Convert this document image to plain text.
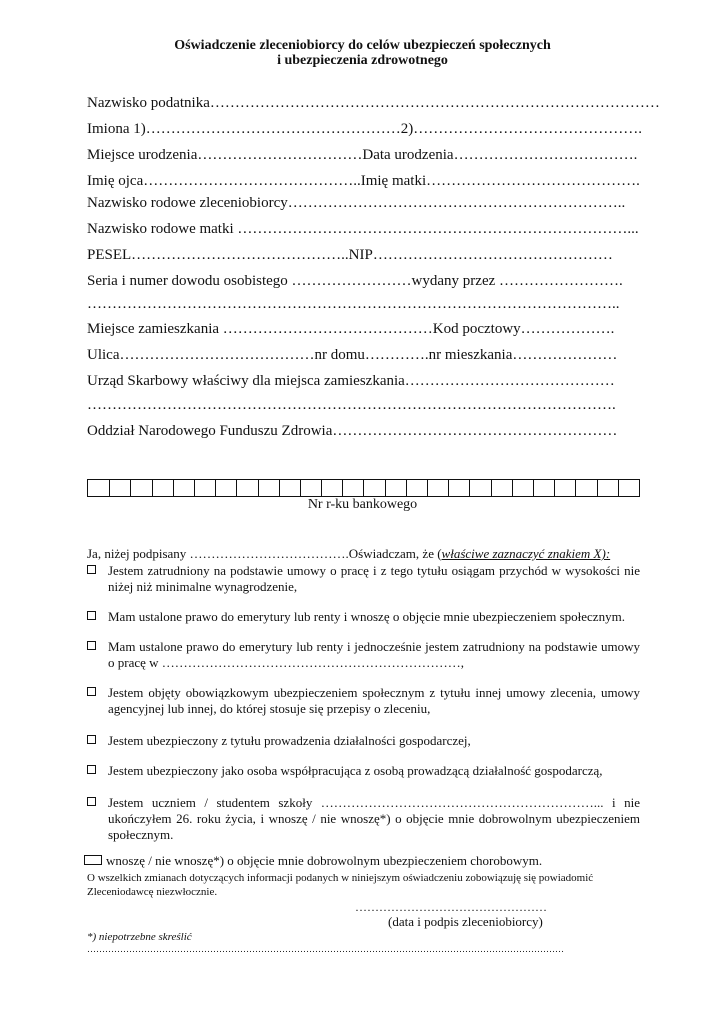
Oświadczenie zleceniobiorcy do celów ubezpieczeń społecznych
i ubezpieczenia zdrowotnego
Nazwisko podatnika………………………………………………………………………………
Imiona 1)……………………………………………2)……………………………………….
Miejsce urodzenia……………………………Data urodzenia……………………………….
Imię ojca……………………………………..Imię matki…………………………………….
Nazwisko rodowe zleceniobiorcy…………………………………………………………..
Nazwisko rodowe matki ……………………………………………………………………...
PESEL……………………………………..NIP…………………………………………
Seria i numer dowodu osobistego ……………………wydany przez …………………….
……………………………………………………………………………………………..
Miejsce zamieszkania ……………………………………Kod pocztowy……………….
Ulica…………………………………nr domu………….nr mieszkania…………………
Urząd Skarbowy właściwy dla miejsca zamieszkania……………………………………
…………………………………………………………………………………………….
Oddział Narodowego Funduszu Zdrowia…………………………………………………
Nr r-ku bankowego
Ja, niżej podpisany ……………………………….Oświadczam, że (właściwe zaznaczyć znakiem X):
Jestem zatrudniony na podstawie umowy o pracę i z tego tytułu osiągam przychód w wysokości nie niżej niż minimalne wynagrodzenie,
Mam ustalone prawo do emerytury lub renty i wnoszę o objęcie mnie ubezpieczeniem społecznym.
Mam ustalone prawo do emerytury lub renty i jednocześnie jestem zatrudniony na podstawie umowy o pracę w ……………………………………………………………,
Jestem objęty obowiązkowym ubezpieczeniem społecznym z tytułu innej umowy zlecenia, umowy agencyjnej lub innej, do której stosuje się przepisy o zleceniu,
Jestem ubezpieczony z tytułu prowadzenia działalności gospodarczej,
Jestem ubezpieczony jako osoba współpracująca z osobą prowadzącą działalność gospodarczą,
Jestem uczniem / studentem szkoły ………………………………………………………... i nie ukończyłem 26. roku życia, i wnoszę / nie wnoszę*) o objęcie mnie dobrowolnym ubezpieczeniem społecznym.
wnoszę / nie wnoszę*) o objęcie mnie dobrowolnym ubezpieczeniem chorobowym.
O wszelkich zmianach dotyczących informacji podanych w niniejszym oświadczeniu zobowiązuję się powiadomić Zleceniodawcę niezwłocznie.
…………………………………………
(data i podpis zleceniobiorcy)
*) niepotrzebne skreślić
……………………………………………………………………………………………………………………………………………
